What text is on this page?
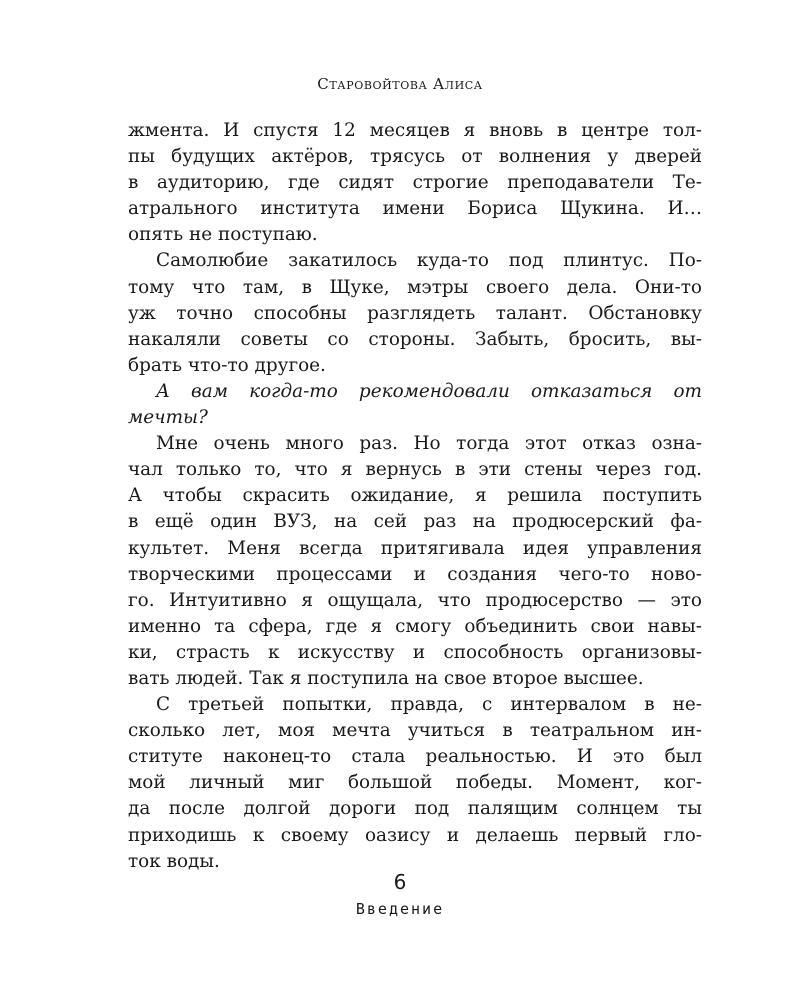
Старовойтова Алиса
жмента. И спустя 12 месяцев я вновь в центре тол-
пы будущих актёров, трясусь от волнения у дверей
в аудиторию, где сидят строгие преподаватели Те-
атрального института имени Бориса Щукина. И…
опять не поступаю.
Самолюбие закатилось куда-то под плинтус. По-
тому что там, в Щуке, мэтры своего дела. Они-то
уж точно способны разглядеть талант. Обстановку
накаляли советы со стороны. Забыть, бросить, вы-
брать что-то другое.
А вам когда-то рекомендовали отказаться от
мечты?
Мне очень много раз. Но тогда этот отказ озна-
чал только то, что я вернусь в эти стены через год.
А чтобы скрасить ожидание, я решила поступить
в ещё один ВУЗ, на сей раз на продюсерский фа-
культет. Меня всегда притягивала идея управления
творческими процессами и создания чего-то ново-
го. Интуитивно я ощущала, что продюсерство — это
именно та сфера, где я смогу объединить свои навы-
ки, страсть к искусству и способность организовы-
вать людей. Так я поступила на свое второе высшее.
С третьей попытки, правда, с интервалом в не-
сколько лет, моя мечта учиться в театральном ин-
ституте наконец-то стала реальностью. И это был
мой личный миг большой победы. Момент, ког-
да после долгой дороги под палящим солнцем ты
приходишь к своему оазису и делаешь первый гло-
ток воды.
6
Введение
